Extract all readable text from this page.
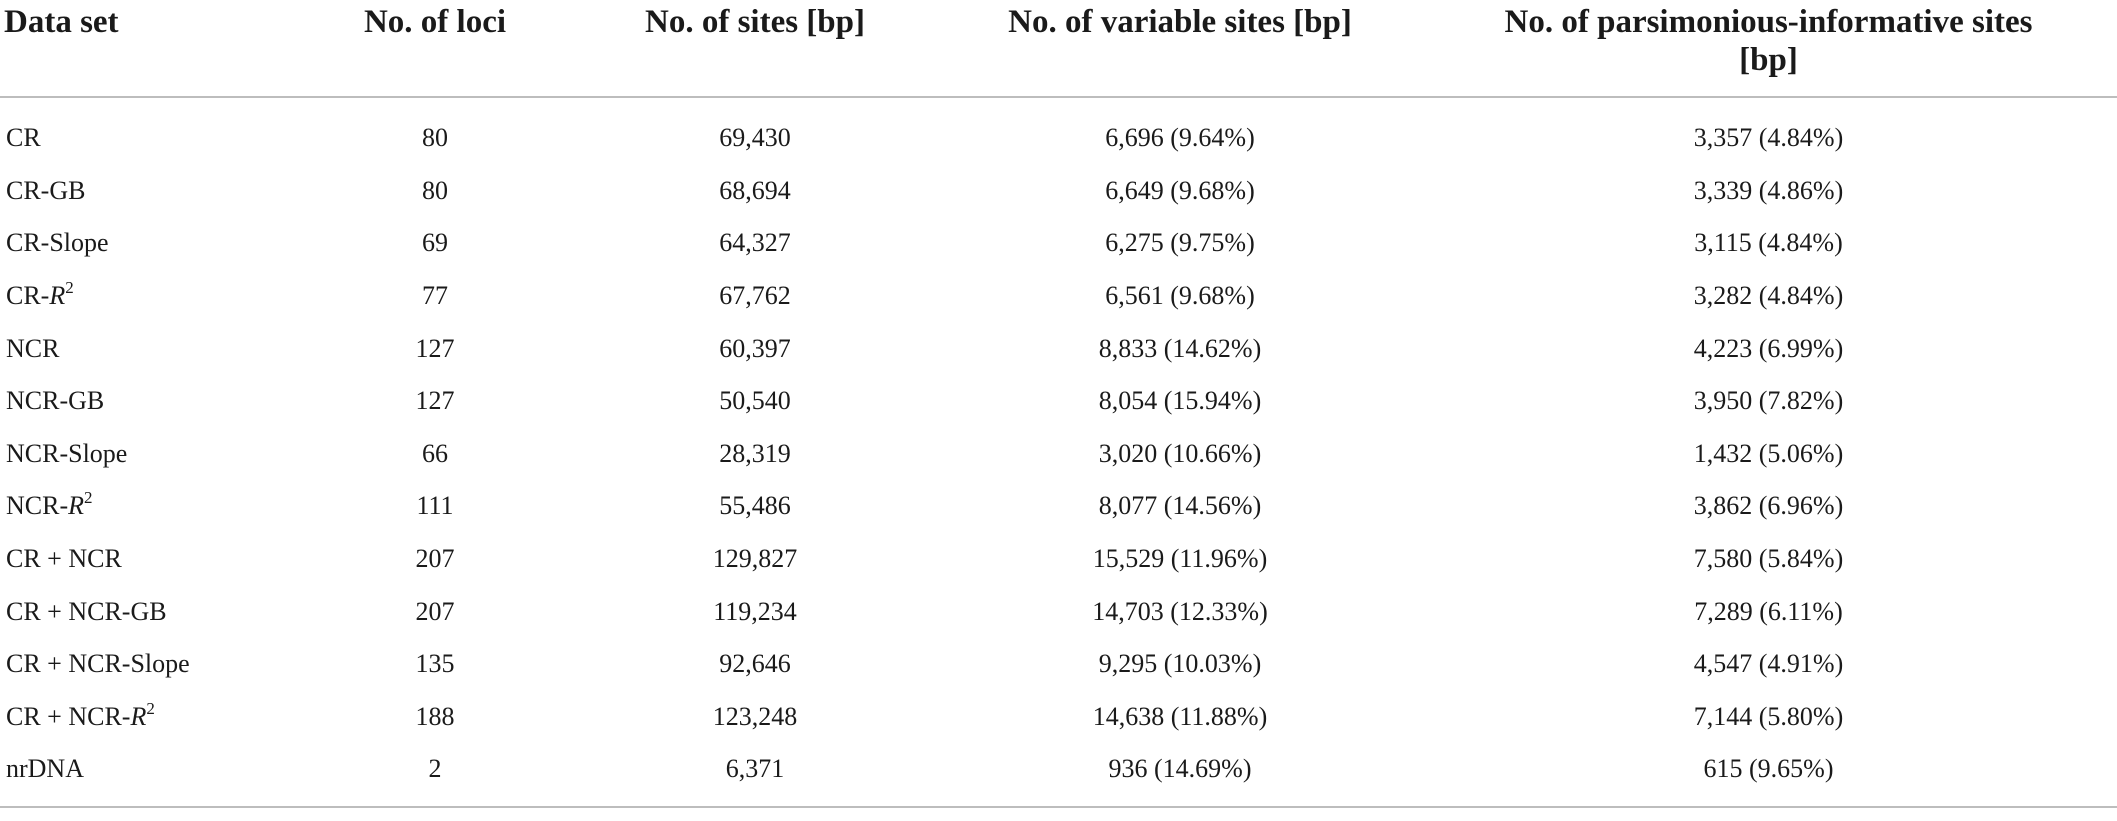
Data set	No. of loci	No. of sites [bp]	No. of variable sites [bp]	No. of parsimonious-informative sites
[bp]

CR	80	69,430	6,696 (9.64%)	3,357 (4.84%)
CR-GB	80	68,694	6,649 (9.68%)	3,339 (4.86%)
CR-Slope	69	64,327	6,275 (9.75%)	3,115 (4.84%)
$CR-R^2$	77	67,762	6,561 (9.68%)	3,282 (4.84%)
NCR	127	60,397	8,833 (14.62%)	4,223 (6.99%)
NCR-GB	127	50,540	8,054 (15.94%)	3,950 (7.82%)
NCR-Slope	66	28,319	3,020 (10.66%)	1,432 (5.06%)
NCR-$R^2$	111	55,486	8,077 (14.56%)	3,862 (6.96%)
CR + NCR	207	129,827	15,529 (11.96%)	7,580 (5.84%)
CR + NCR-GB	207	119,234	14,703 (12.33%)	7,289 (6.11%)
CR + NCR-Slope	135	92,646	9,295 (10.03%)	4,547 (4.91%)
CR + NCR-$R^2$	188	123,248	14,638 (11.88%)	7,144 (5.80%)
nrDNA	2	6,371	936 (14.69%)	615 (9.65%)
